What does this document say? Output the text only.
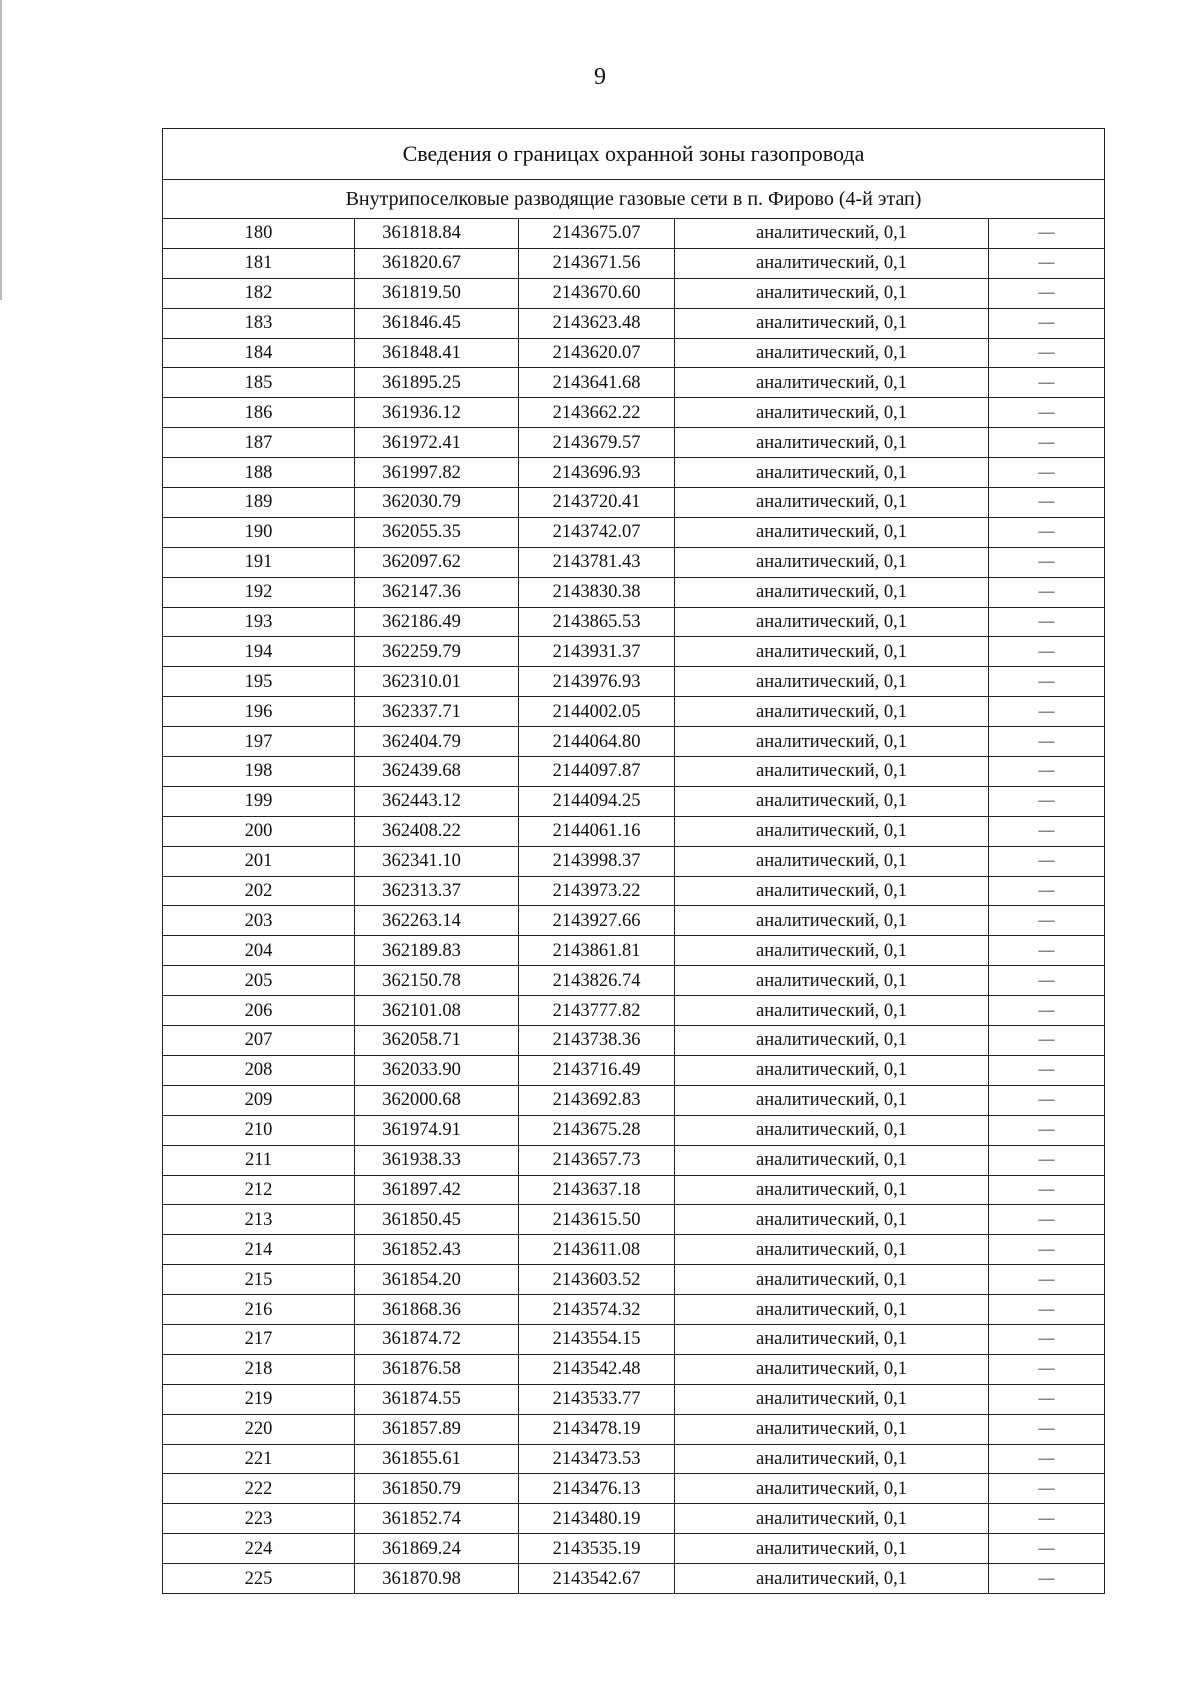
9
Сведения о границах охранной зоны газопровода				
Внутрипоселковые разводящие газовые сети в п. Фирово (4-й этап)				
180	361818.84	2143675.07	аналитический, 0,1	—
181	361820.67	2143671.56	аналитический, 0,1	—
182	361819.50	2143670.60	аналитический, 0,1	—
183	361846.45	2143623.48	аналитический, 0,1	—
184	361848.41	2143620.07	аналитический, 0,1	—
185	361895.25	2143641.68	аналитический, 0,1	—
186	361936.12	2143662.22	аналитический, 0,1	—
187	361972.41	2143679.57	аналитический, 0,1	—
188	361997.82	2143696.93	аналитический, 0,1	—
189	362030.79	2143720.41	аналитический, 0,1	—
190	362055.35	2143742.07	аналитический, 0,1	—
191	362097.62	2143781.43	аналитический, 0,1	—
192	362147.36	2143830.38	аналитический, 0,1	—
193	362186.49	2143865.53	аналитический, 0,1	—
194	362259.79	2143931.37	аналитический, 0,1	—
195	362310.01	2143976.93	аналитический, 0,1	—
196	362337.71	2144002.05	аналитический, 0,1	—
197	362404.79	2144064.80	аналитический, 0,1	—
198	362439.68	2144097.87	аналитический, 0,1	—
199	362443.12	2144094.25	аналитический, 0,1	—
200	362408.22	2144061.16	аналитический, 0,1	—
201	362341.10	2143998.37	аналитический, 0,1	—
202	362313.37	2143973.22	аналитический, 0,1	—
203	362263.14	2143927.66	аналитический, 0,1	—
204	362189.83	2143861.81	аналитический, 0,1	—
205	362150.78	2143826.74	аналитический, 0,1	—
206	362101.08	2143777.82	аналитический, 0,1	—
207	362058.71	2143738.36	аналитический, 0,1	—
208	362033.90	2143716.49	аналитический, 0,1	—
209	362000.68	2143692.83	аналитический, 0,1	—
210	361974.91	2143675.28	аналитический, 0,1	—
211	361938.33	2143657.73	аналитический, 0,1	—
212	361897.42	2143637.18	аналитический, 0,1	—
213	361850.45	2143615.50	аналитический, 0,1	—
214	361852.43	2143611.08	аналитический, 0,1	—
215	361854.20	2143603.52	аналитический, 0,1	—
216	361868.36	2143574.32	аналитический, 0,1	—
217	361874.72	2143554.15	аналитический, 0,1	—
218	361876.58	2143542.48	аналитический, 0,1	—
219	361874.55	2143533.77	аналитический, 0,1	—
220	361857.89	2143478.19	аналитический, 0,1	—
221	361855.61	2143473.53	аналитический, 0,1	—
222	361850.79	2143476.13	аналитический, 0,1	—
223	361852.74	2143480.19	аналитический, 0,1	—
224	361869.24	2143535.19	аналитический, 0,1	—
225	361870.98	2143542.67	аналитический, 0,1	—
